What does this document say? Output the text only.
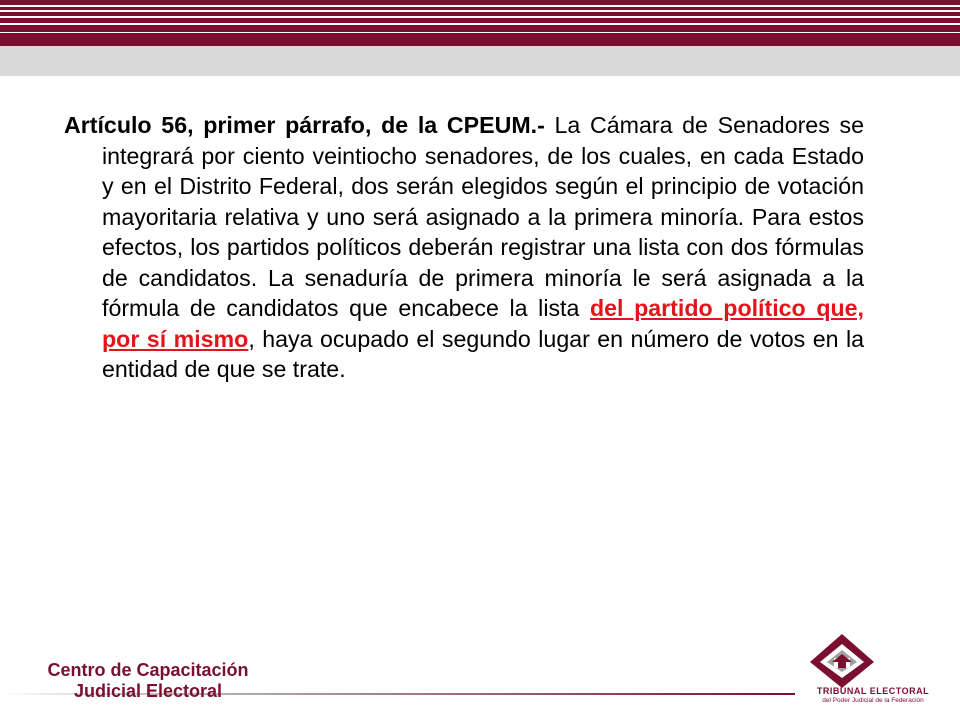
Artículo 56, primer párrafo, de la CPEUM.- La Cámara de Senadores se integrará por ciento veintiocho senadores, de los cuales, en cada Estado y en el Distrito Federal, dos serán elegidos según el principio de votación mayoritaria relativa y uno será asignado a la primera minoría. Para estos efectos, los partidos políticos deberán registrar una lista con dos fórmulas de candidatos. La senaduría de primera minoría le será asignada a la fórmula de candidatos que encabece la lista del partido político que, por sí mismo, haya ocupado el segundo lugar en número de votos en la entidad de que se trate.
Centro de Capacitación
Judicial Electoral	TRIBUNAL ELECTORAL
del Poder Judicial de la Federación
